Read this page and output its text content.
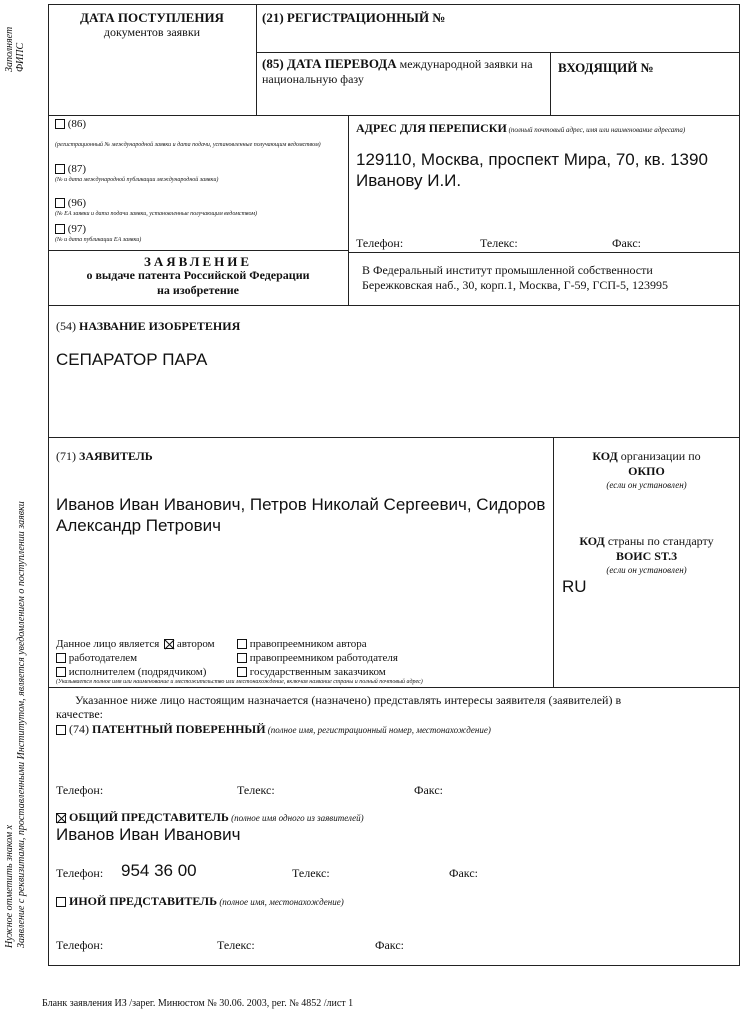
Заполняет ФИПС
Нужное отметить знаком х Заявление с реквизитами, проставленными Институтом, является уведомлением о поступлении заявки
ДАТА ПОСТУПЛЕНИЯ
документов заявки
(21) РЕГИСТРАЦИОННЫЙ №
(85) ДАТА ПЕРЕВОДА международной заявки на национальную фазу
ВХОДЯЩИЙ №
(86)
(регистрационный № международной заявки и дата подачи, установленные получающим ведомством)
(87)
(№ и дата международной публикации международной заявки)
(96)
(№ ЕА заявки и дата подачи заявки, установленные получающим ведомством)
(97)
(№ и дата публикации ЕА заявки)
АДРЕС ДЛЯ ПЕРЕПИСКИ (полный почтовый адрес, имя или наименование адресата)
129110, Москва, проспект Мира, 70, кв. 1390
Иванову И.И.
Телефон:	Телекс:	Факс:
ЗАЯВЛЕНИЕ
о выдаче патента Российской Федерации
на изобретение
В Федеральный институт промышленной собственности
Бережковская наб., 30, корп.1, Москва, Г-59, ГСП-5, 123995
(54) НАЗВАНИЕ ИЗОБРЕТЕНИЯ
СЕПАРАТОР ПАРА
(71) ЗАЯВИТЕЛЬ
Иванов Иван Иванович, Петров Николай Сергеевич, Сидоров
Александр Петрович
КОД организации по
ОКПО
(если он установлен)
КОД страны по стандарту
ВОИС ST.3
(если он установлен)
RU
Данное лицо является автором	правопреемником автора
работодателем	правопреемником работодателя
исполнителем (подрядчиком)	государственным заказчиком
(Указывается полное имя или наименование и местожительство или местонахождение, включая название страны и полный почтовый адрес)
Указанное ниже лицо настоящим назначается (назначено) представлять интересы заявителя (заявителей) в
качестве:
(74) ПАТЕНТНЫЙ ПОВЕРЕННЫЙ (полное имя, регистрационный номер, местонахождение)
Телефон:	Телекс:	Факс:
ОБЩИЙ ПРЕДСТАВИТЕЛЬ (полное имя одного из заявителей)
Иванов Иван Иванович
Телефон: 954 36 00	Телекс:	Факс:
ИНОЙ ПРЕДСТАВИТЕЛЬ (полное имя, местонахождение)
Телефон:	Телекс:	Факс:
Бланк заявления ИЗ /зарег. Минюстом № 30.06. 2003, рег. № 4852 /лист 1
